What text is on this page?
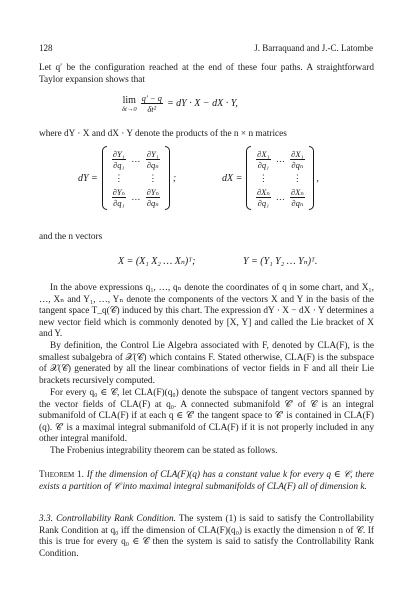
128	J. Barraquand and J.-C. Latombe
Let q′ be the configuration reached at the end of these four paths. A straightforward Taylor expansion shows that
lim
$\delta t\to 0 \frac{q' - q}{\text{δt²}}$ = dY · X − dX · Y,
where dY · X and dX · Y denote the products of the n × n matrices
dY =
$\frac{\text{∂Y₁}}{\text{∂q₁}}$ … $\frac{\text{∂Y₁}}{\text{∂qₙ}}$
⋮	⋮
$\frac{\text{∂Yₙ}}{\text{∂q₁}}$ … $\frac{\text{∂Yₙ}}{\text{∂qₙ}}$
;	dX =
$\frac{\text{∂X₁}}{\text{∂q₁}}$ … $\frac{\text{∂X₁}}{\text{∂qₙ}}$
⋮	⋮
$\frac{\text{∂Xₙ}}{\text{∂q₁}}$ … $\frac{\text{∂Xₙ}}{\text{∂qₙ}}$
,
and the n vectors
X = (X₁ X₂ … Xₙ)ᵀ;	Y = (Y₁ Y₂ … Yₙ)ᵀ.
In the above expressions q₁, …, qₙ denote the coordinates of q in some chart, and X₁, …, Xₙ and Y₁, …, Yₙ denote the components of the vectors X and Y in the basis of the tangent space T_q(𝒞) induced by this chart. The expression dY · X − dX · Y determines a new vector field which is commonly denoted by [X, Y] and called the Lie bracket of X and Y.
By definition, the Control Lie Algebra associated with F, denoted by CLA(F), is the smallest subalgebra of 𝒳(𝒞) which contains F. Stated otherwise, CLA(F) is the subspace of 𝒳(𝒞) generated by all the linear combinations of vector fields in F and all their Lie brackets recursively computed.
For every q₀ ∈ 𝒞, let CLA(F)(q₀) denote the subspace of tangent vectors spanned by the vector fields of CLA(F) at q₀. A connected submanifold 𝒞′ of 𝒞 is an integral submanifold of CLA(F) if at each q ∈ 𝒞′ the tangent space to 𝒞′ is contained in CLA(F)(q). 𝒞′ is a maximal integral submanifold of CLA(F) if it is not properly included in any other integral manifold.
The Frobenius integrability theorem can be stated as follows.
Theorem 1. If the dimension of CLA(F)(q) has a constant value k for every q ∈ 𝒞, there exists a partition of 𝒞 into maximal integral submanifolds of CLA(F) all of dimension k.
3.3. Controllability Rank Condition. The system (1) is said to satisfy the Controllability Rank Condition at q₀ iff the dimension of CLA(F)(q₀) is exactly the dimension n of 𝒞. If this is true for every q₀ ∈ 𝒞 then the system is said to satisfy the Controllability Rank Condition.
